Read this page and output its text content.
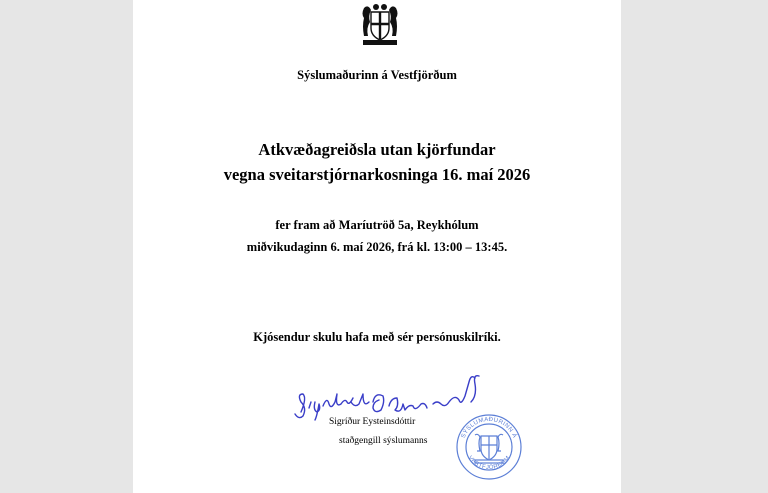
Sýslumaðurinn á Vestfjörðum
Atkvæðagreiðsla utan kjörfundar
vegna sveitarstjórnarkosninga 16. maí 2026
fer fram að Maríutröð 5a, Reykhólum
miðvikudaginn 6. maí 2026, frá kl. 13:00 – 13:45.
Kjósendur skulu hafa með sér persónuskilríki.
Sigríður Eysteinsdóttir
staðgengill sýslumanns
SÝSLUMAÐURINN Á
VESTFJÖRÐUM
